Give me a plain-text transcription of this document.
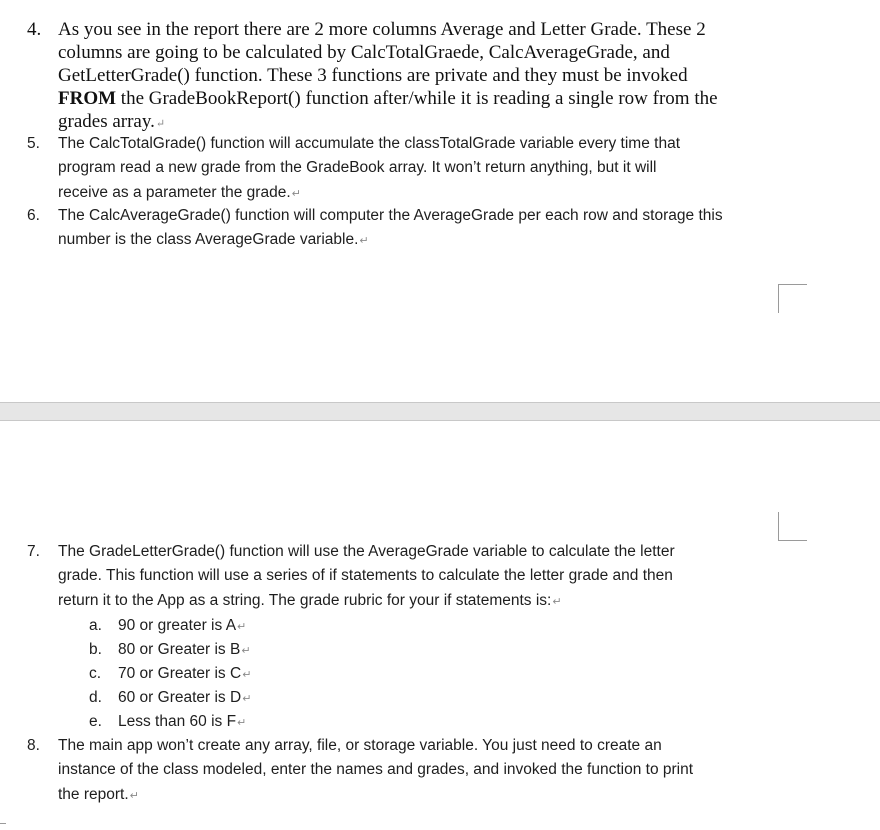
4. As you see in the report there are 2 more columns Average and Letter Grade. These 2
columns are going to be calculated by CalcTotalGraede, CalcAverageGrade, and
GetLetterGrade() function. These 3 functions are private and they must be invoked
FROM the GradeBookReport() function after/while it is reading a single row from the
grades array.↵
5. The CalcTotalGrade() function will accumulate the classTotalGrade variable every time that
program read a new grade from the GradeBook array. It won’t return anything, but it will
receive as a parameter the grade.↵
6. The CalcAverageGrade() function will computer the AverageGrade per each row and storage this
number is the class AverageGrade variable.↵
7. The GradeLetterGrade() function will use the AverageGrade variable to calculate the letter
grade. This function will use a series of if statements to calculate the letter grade and then
return it to the App as a string. The grade rubric for your if statements is:↵
a. 90 or greater is A↵
b. 80 or Greater is B↵
c. 70 or Greater is C↵
d. 60 or Greater is D↵
e. Less than 60 is F↵
8. The main app won’t create any array, file, or storage variable. You just need to create an
instance of the class modeled, enter the names and grades, and invoked the function to print
the report.↵
